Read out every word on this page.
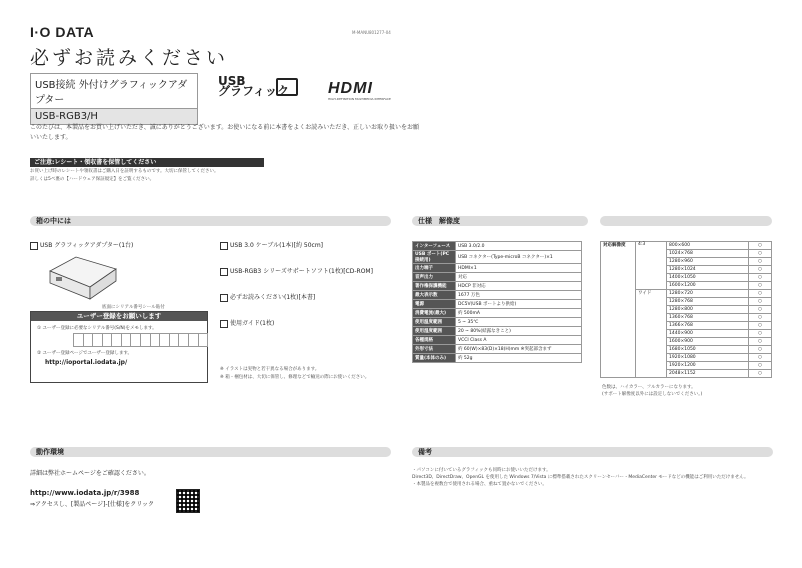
I·O DATA	M-MANU801277-04
必ずお読みください
USB接続 外付けグラフィックアダプター
USB-RGB3/H
USB
グラフィック HDMI
HIGH-DEFINITION MULTIMEDIA INTERFACE
このたびは、本製品をお買い上げいただき、誠にありがとうございます。お使いになる前に本書をよくお読みいただき、正しいお取り扱いをお願いいたします。
ご注意:レシート・領収書を保管してください
お買い上げ時のレシートや領収書はご購入日を証明するものです。大切に保管してください。
詳しくは5ぺ裏の【ハードウェア保証規定】をご覧ください。
箱の中には
USB グラフィックアダプター(1台)	USB 3.0 ケーブル(1本)[約 50cm]
USB-RGB3 シリーズサポートソフト(1枚)[CD-ROM]
必ずお読みください(1枚)[本書]
使用ガイド(1枚)
底面にシリアル番号シール貼付
ユーザー登録をお願いします
① ユーザー登録に必要なシリアル番号(S/N)をメモします。
② ユーザー登録ページでユーザー登録します。
http://ioportal.iodata.jp/
※ イラストは実物と若干異なる場合があります。
※ 箱・梱包材は、大切に保管し、修理などで輸送の際にお使いください。
仕様　解像度
インターフェース	USB 3.0/2.0
USB ポート(PC 接続用)	USB コネクター(Type-microB コネクター)×1
出力端子	HDMI×1
音声出力	対応
著作権保護機能	HDCP 非対応
最大表示数	1677 万色
電源	DC5V(USB ポートより供給)
消費電流(最大)	約 500mA
使用温度範囲	5 ~ 35℃
使用湿度範囲	20 ~ 80%(結露なきこと)
各種規格	VCCI Class A
外形寸法	約 60(W)×83(D)×18(H)mm ※突起部含まず
質量(本体のみ)	約 52g
対応解像度	4:3	800×600	○
		1024×768	○
		1280×960	○
		1280×1024	○
		1400×1050	○
		1600×1200	○
	ワイド	1280×720	○
		1280×768	○
		1280×800	○
		1360×768	○
		1366×768	○
		1440×900	○
		1600×900	○
		1680×1050	○
		1920×1080	○
		1920×1200	○
		2048×1152	○
色数は、ハイカラー、フルカラーになります。
(サポート解像度以外には設定しないでください。)
動作環境
詳細は弊社ホームページをご確認ください。
http://www.iodata.jp/r/3988
⇒アクセスし、[製品ページ]-[仕様]をクリック
備考
・パソコンに付いているグラフィックも同時にお使いいただけます。
Direct3D、DirectDraw、OpenGL を使用した Windows 7/Vista に標準搭載されたスクリーンセーバー・MediaCenter モードなどの機能はご利用いただけません。
・本製品を複数台で使用される場合、重ねて置かないでください。
